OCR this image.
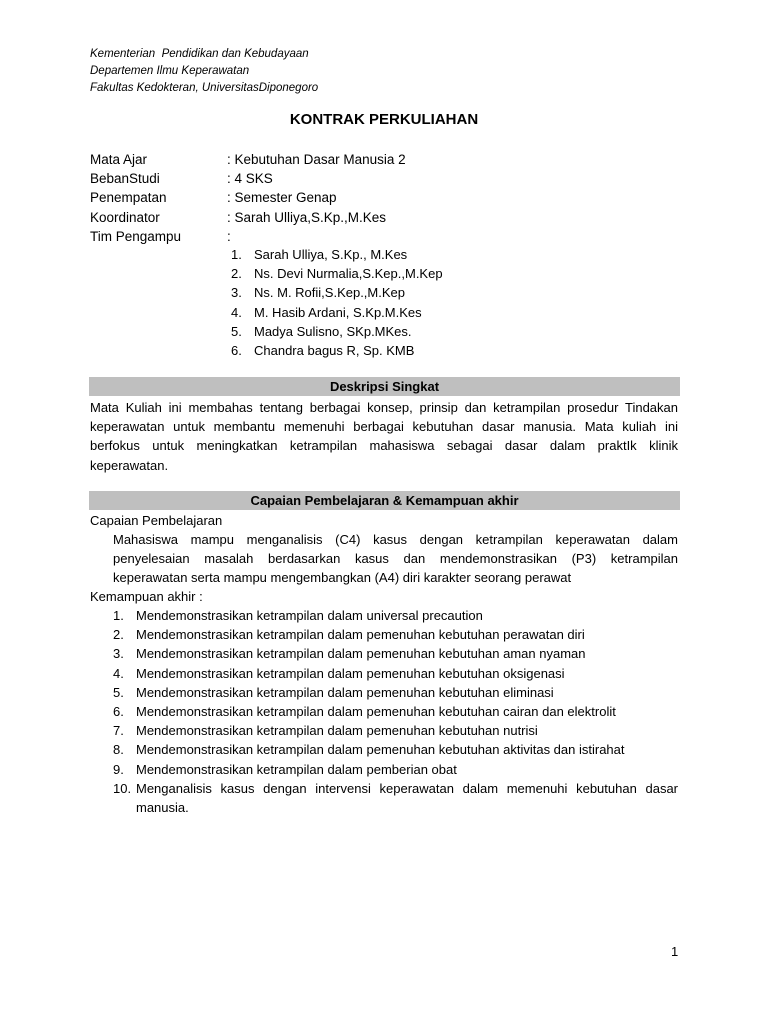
Kementerian  Pendidikan dan Kebudayaan
Departemen Ilmu Keperawatan
Fakultas Kedokteran, UniversitasDiponegoro
KONTRAK PERKULIAHAN
Mata Ajar	: Kebutuhan Dasar Manusia 2
BebanStudi	: 4 SKS
Penempatan	: Semester Genap
Koordinator	: Sarah Ulliya,S.Kp.,M.Kes
Tim Pengampu	:
1. Sarah Ulliya, S.Kp., M.Kes
2. Ns. Devi Nurmalia,S.Kep.,M.Kep
3. Ns. M. Rofii,S.Kep.,M.Kep
4. M. Hasib Ardani, S.Kp.M.Kes
5. Madya Sulisno, SKp.MKes.
6. Chandra bagus R, Sp. KMB
Deskripsi Singkat

Mata Kuliah ini membahas tentang berbagai konsep, prinsip dan ketrampilan prosedur Tindakan keperawatan untuk membantu memenuhi berbagai kebutuhan dasar manusia. Mata kuliah ini berfokus untuk meningkatkan ketrampilan mahasiswa sebagai dasar dalam praktIk klinik keperawatan.

Capaian Pembelajaran & Kemampuan akhir
Capaian Pembelajaran

Mahasiswa mampu menganalisis (C4) kasus dengan ketrampilan keperawatan dalam penyelesaian masalah berdasarkan kasus dan mendemonstrasikan (P3) ketrampilan keperawatan serta mampu mengembangkan (A4) diri karakter seorang perawat

Kemampuan akhir :
1. Mendemonstrasikan ketrampilan dalam universal precaution
2. Mendemonstrasikan ketrampilan dalam pemenuhan kebutuhan perawatan diri
3. Mendemonstrasikan ketrampilan dalam pemenuhan kebutuhan aman nyaman
4. Mendemonstrasikan ketrampilan dalam pemenuhan kebutuhan oksigenasi
5. Mendemonstrasikan ketrampilan dalam pemenuhan kebutuhan eliminasi
6. Mendemonstrasikan ketrampilan dalam pemenuhan kebutuhan cairan dan elektrolit
7. Mendemonstrasikan ketrampilan dalam pemenuhan kebutuhan nutrisi
8. Mendemonstrasikan ketrampilan dalam pemenuhan kebutuhan aktivitas dan istirahat
9. Mendemonstrasikan ketrampilan dalam pemberian obat
10. Menganalisis kasus dengan intervensi keperawatan dalam memenuhi kebutuhan dasar manusia.
1
